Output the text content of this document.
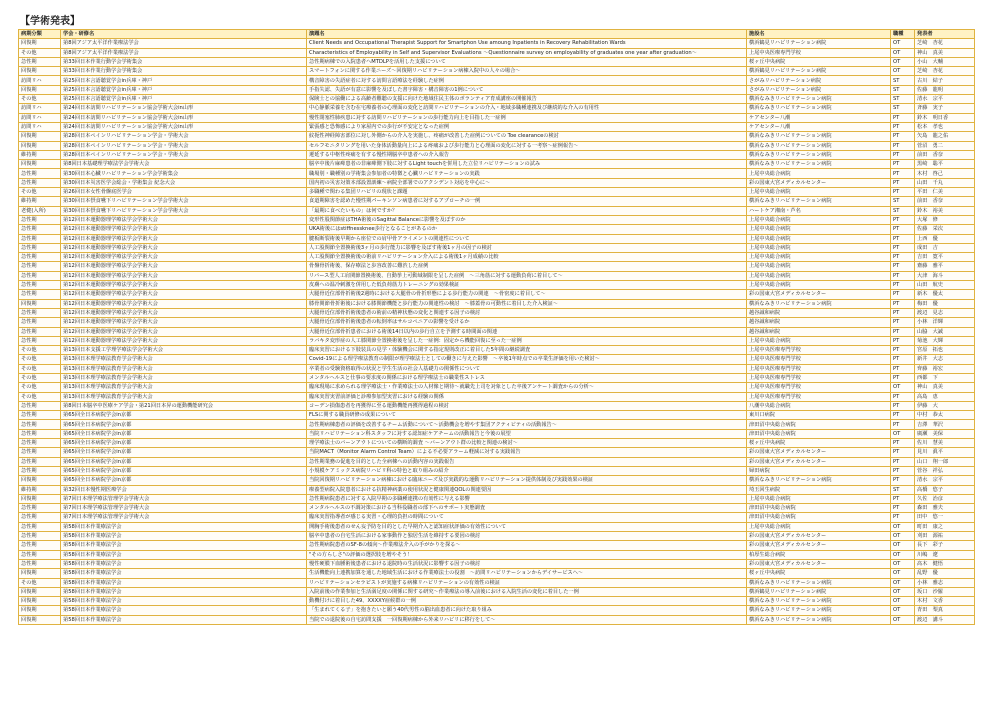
【学術発表】
病期分類	学会・研修名	演題名	施設名	職種	発表者
回復期	第8回アジア太平洋作業療法学会	Client Needs and Occupational Therapist Support for Smartphon Use amoung Inpatients in Recovery Rehabilitation Wards	横浜鶴見リハビリテーション病院	OT	芝崎　杏花
その他	第8回アジア太平洋作業療法学会	Characteristics of Employability in Self and Supervisor Evaluations ～Questionnaire survey on employability of graduates one year after graduation～	上尾中央医療専門学校	OT	神山　真美
急性期	第33回日本作業行動学会学術集会	急性期病棟での入院患者へMTDLPを活用した支援について	桜ヶ丘中央病院	OT	小山　大輔
回復期	第33回日本作業行動学会学術集会	スマートフォンに関する作業ニーズ～回復期リハビリテーション病棟入院中の人々の場合～	横浜鶴見リハビリテーション病院	OT	芝崎　杏花
訪問リハ	第25回日本言語聴覚学会in兵庫・神戸	構音障害の失語症者に対する訪問言語療法を経験した症例	さがみリハビリテーション病院	ST	古川　結子
回復期	第25回日本言語聴覚学会in兵庫・神戸	手指失認、失語が有意に影響を及ぼした書字障害・構音障害の1例について	さがみリハビリテーション病院	ST	佐藤　龍明
その他	第25回日本言語聴覚学会in兵庫・神戸	保険士との協働による高齢者難聴の支援に向けた地域住民主体のボランティア育成講座の開催報告	横浜なみきリハビリテーション病院	ST	清水　宗平
訪問リハ	第24回日本訪問リハビリテーション協会学術大会in山形	中心静脈栄養を含む在宅療養者の心理面の変化と訪問リハビリテーションの介入・地域多職種連携及び継続的な介入の有用性	横浜なみきリハビリテーション病院	ST	斉藤　実子
訪問リハ	第24回日本訪問リハビリテーション協会学術大会in山形	慢性閉塞性肺疾患に対する訪問リハビリテーションの歩行能力向上を目指した一症例	ケアセンター八潮	PT	鈴木　明日香
訪問リハ	第24回日本訪問リハビリテーション協会学術大会in山形	緊張感と恐怖感により家屋内での歩行が不安定となった症例	ケアセンター八潮	PT	松本　孝也
回復期	第28回日本ペインリハビリテーション学会・学術大会	紋扼性神経障害部位に対し外側からの介入を実施し、疼痛が改善した症例についての Toe clearanceの検討	横浜なみきリハビリテーション病院	PT	矢島　龍之佑
回復期	第28回日本ペインリハビリテーション学会・学術大会	セルフモニタリングを用いた身体活動量向上による疼痛および歩行能力と心理面の変化に対する一考察～症例報告～	横浜なみきリハビリテーション病院	PT	菅沼　勇二
維持期	第28回日本ペインリハビリテーション学会・学術大会	遷延する中枢性疼痛を有する慢性期脳卒中患者への介入報告	横浜なみきリハビリテーション病院	PT	前田　香奈
回復期	第8回日本基礎理学療法学会学術大会	脳卒中後片麻痺患者の非麻痺側下肢に対するLight touchを併用した立位リハビリテーションの試み	横浜なみきリハビリテーション病院	PT	黒崎　聡平
急性期	第30回日本心臓リハビリテーション学会学術集会	職場別・職種別の学術集会参加者の特徴と心臓リハビリテーションの実践	上尾中央総合病院	PT	木村　啓己
急性期	第30回日本災害医学会総会・学術集会 紀念大会	国内初の災害対策本部設置訓練～病院全部署でのアクシデント対応を中心に～	彩の国東大宮メディカルセンター	PT	山田　千丸
その他	第26回日本女性骨盤底医学会	多職種で関わる集団リハビリの現状と課題	上尾中央総合病院	PT	平田　仁美
維持期	第30回日本摂食嚥下リハビリテーション学会学術大会	食道期障害を認めた慢性期パーキンソン病患者に対するアプローチの一例	横浜なみきリハビリテーション病院	ST	前田　香奈
老健(入所)	第30回日本摂食嚥下リハビリテーション学会学術大会	「最期に食べたいもの」は何ですか？	ハートケア湘南・芦名	ST	鈴木　裕美
急性期	第12回日本運動器理学療法学会学術大会	変形性股関節症はTHA術後のSagittal Balanceに影響を及ぼすのか	上尾中央総合病院	PT	大塚　修
急性期	第12回日本運動器理学療法学会学術大会	UKA術後にはstiffnessknee歩行となることがあるのか	上尾中央総合病院	PT	佐藤　栄次
急性期	第12回日本運動器理学療法学会学術大会	腱板断裂術後早期から座位での肩甲骨アライメントの関連性について	上尾中央総合病院	PT	上西　優
急性期	第12回日本運動器理学療法学会学術大会	人工股関節全置換術後3ヶ月の歩行能力に影響を及ぼす術後1ヶ月の因子の検討	上尾中央総合病院	PT	成田　吉
急性期	第12回日本運動器理学療法学会学術大会	人工股関節全置換術後の術前リハビリテーション介入による術後1ヶ月成績の比較	上尾中央総合病院	PT	吉田　寛平
急性期	第12回日本運動器理学療法学会学術大会	骨盤骨折術後、保存療法と歩容改善に難渋した症例	上尾中央総合病院	PT	齋藤　雅平
急性期	第12回日本運動器理学療法学会学術大会	リバース型人工肩関節置換術後、自動挙上可動域制限を呈した症例　～三角筋に対する運動負荷に着目して～	上尾中央総合病院	PT	大津　海斗
急性期	第12回日本運動器理学療法学会学術大会	皮膚への温冷刺激を併用した低負荷筋力トレーニングの効果検証	上尾中央総合病院	PT	山田　航史
急性期	第12回日本運動器理学療法学会学術大会	大腿骨近位部骨折術後2週時における大腿骨の骨折形態による歩行能力の関連　～骨密度に着目して～	彩の国東大宮メディカルセンター	PT	新木　優太
回復期	第12回日本運動器理学療法学会学術大会	膝骨関節骨折術後における膝関節機能と歩行能力の関連性の検討　～膝蓋骨の可動性に着目した介入検証～	横浜なみきリハビリテーション病院	PT	梅田　優
急性期	第12回日本運動器理学療法学会学術大会	大腿骨近位部骨折術後患者の術前の精神状態の変化と関連する因子の検討	越谷誠和病院	PT	渡辺　見志
急性期	第12回日本運動器理学療法学会学術大会	大腿骨近位部骨折術後患者の転倒率はサルコペニアの影響を受けるか	越谷誠和病院	PT	小林　洋輝
急性期	第12回日本運動器理学療法学会学術大会	大腿骨近位部骨折患者における術後14日以内の歩行自立を予測する時間面の関連	越谷誠和病院	PT	山脇　大誠
急性期	第12回日本運動器理学療法学会学術大会	ラバキタ変形症の人工膝関節全置換術後を呈した一症例：固定から機能回復に至った一症例	上尾中央総合病院	PT	菊池　大輝
その他	第13回日本支援工学理学療法学会学術大会	臨床実習における下肢装具の見学・体験機会に関する指定規則改正に着目した5年間の継続調査	上尾中央医療専門学校	PT	宮原　拓也
その他	第13回日本理学療法教育学会学術大会	Covid-19による理学療法教育の制限が理学療法士としての働きに与えた影響　～卒後1年時点での卒業生評価を用いた検討～	上尾中央医療専門学校	PT	新井　大志
その他	第13回日本理学療法教育学会学術大会	卒業者の受験資格取得の状況と学生生活の社会人基礎力の関係性について	上尾中央医療専門学校	PT	齊藤　裕宏
その他	第13回日本理学療法教育学会学術大会	メンタルヘルスと仕事の要求度の関係における理学療法士の職業性ストレス	上尾中央医療専門学校	PT	西都　下
その他	第13回日本理学療法教育学会学術大会	臨床現場に求められる理学療法士・作業療法士の人材像と期待～就職先上司を対象とした卒後アンケート調査からの分析～	上尾中央医療専門学校	OT	神山　真美
その他	第13回日本理学療法教育学会学術大会	臨床実習実習前評価と診療参加型実習における経験の関係	上尾中央医療専門学校	PT	高島　恵
急性期	第8回日本脳卒中医療ケア学会・第21回日本昇の運動機能研究会	コーデン損傷患者を再獲得に至る運動機能再獲得過程の検討	八潮中央総合病院	PT	伊藤　大
急性期	第65回全日本病院学会in京都	FLSに関する職員研修の成果について	東川口病院	PT	中村　恭太
急性期	第65回全日本病院学会in京都	急性期病棟患者の評価を改善するチーム活動について～活動機会を増やす集団アクティビティの活動報告～	津田沼中央総合病院	PT	吉澤　華沢
急性期	第65回全日本病院学会in京都	当院リハビリテーション科スタッフに対する認知症ケアチームの活動報告と今後の展望	津田沼中央総合病院	OT	廣瀬　美保
急性期	第65回全日本病院学会in京都	理学療法士のバーンアウトについての横断的調査 ～バーンアウト群の比較と関連の検討～	桜ヶ丘中央病院	PT	佐川　慧美
急性期	第65回全日本病院学会in京都	当院MACT（Monitor Alarm Control Team）による不必要アラーム軽減に対する実践報告	彩の国東大宮メディカルセンター	PT	見川　眞平
急性期	第65回全日本病院学会in京都	急性期業務の促進を目的とした全病棟への活動内容の実践報告	彩の国東大宮メディカルセンター	PT	山口　翔一郎
急性期	第65回全日本病院学会in京都	小規模ケアミックス病院リハビリ科の特色と取り組みの紹介	婦田病院	PT	菅谷　祥弘
回復期	第65回全日本病院学会in京都	当院回復期リハビリテーション病棟における臨床ニーズ及び実践的な運動リハビリテーション提供体制及び実践効果の検証	横浜なみきリハビリテーション病院	PT	清水　宗平
維持期	第32回日本慢性期医療学会	療養型病院入院患者における抗精神病薬の使用状況と健康関連QOLの関連要因	埼玉回生病院	ST	高橋　悠子
回復期	第7回日本理学療法管理学会学術大会	急性期病院患者に対する入院早期の多職種連携の有効性に与える影響	上尾中央総合病院	PT	久佐　治彦
急性期	第7回日本理学療法管理学会学術大会	メンタルヘルスの不調対策における当科役職者の部下へのサポート実態調査	津田沼中央総合病院	PT	森田　雅夫
急性期	第7回日本理学療法管理学会学術大会	臨床実習指導者が感じる実習・心理的負担の時間について	津田沼中央総合病院	PT	田中　悠一
急性期	第58回日本作業療法学会	開胸手術後患者のせん妄予防を目的とした早期介入と認知症状評価の有効性について	上尾中央総合病院	OT	町田　康之
急性期	第58回日本作業療法学会	脳卒中患者の自宅生活における家事動作と独居生活を維持する要因の検討	彩の国東大宮メディカルセンター	OT	刈田　源祐
急性期	第58回日本作業療法学会	急性期病院患者のSF-8の傾向～作業療法介入の手がかりを探る～	彩の国東大宮メディカルセンター	OT	長下　彩子
急性期	第58回日本作業療法学会	"その方らしさ"の評価の選択肢を増やそう！	柏厚生総合病院	OT	川嶋　遼
急性期	第58回日本作業療法学会	慢性硬膜下血腫術後患者における退院時の生活状況に影響する因子の検討	彩の国東大宮メディカルセンター	OT	髙木　健悟
回復期	第58回日本作業療法学会	生活機能向上連携加算を通した地域生活における作業療法士の役割　～訪問リハビリテーションからデイサービスへ～	桜ヶ丘中央病院	OT	乱野　優
その他	第58回日本作業療法学会	リハビリテーションセラピストが実施する病棟リハビリテーションの有効性の検証	横浜なみきリハビリテーション病院	OT	小林　雅志
回復期	第58回日本作業療法学会	入院前後の作業参加と生活満足度の関係に関する研究～作業療法の導入前後における入院生活の変化に着目した一例	横浜鶴見リハビリテーション病院	OT	坂口　沙羅
回復期	第58回日本作業療法学会	動機付けに着目した49、XXXXY症候群の一例	横浜なみきリハビリテーション病院	OT	木村　文香
回復期	第58回日本作業療法学会	「生まれてくる子」を抱きたいと願う40代男性の脳出血患者に向けた取り組み	横浜なみきリハビリテーション病院	OT	青田　梨真
回復期	第58回日本作業療法学会	当院での退院後の自宅訪問支援　一回復期病棟から外来リハビリに移行をして～	横浜なみきリハビリテーション病院	OT	渡辺　講斗
